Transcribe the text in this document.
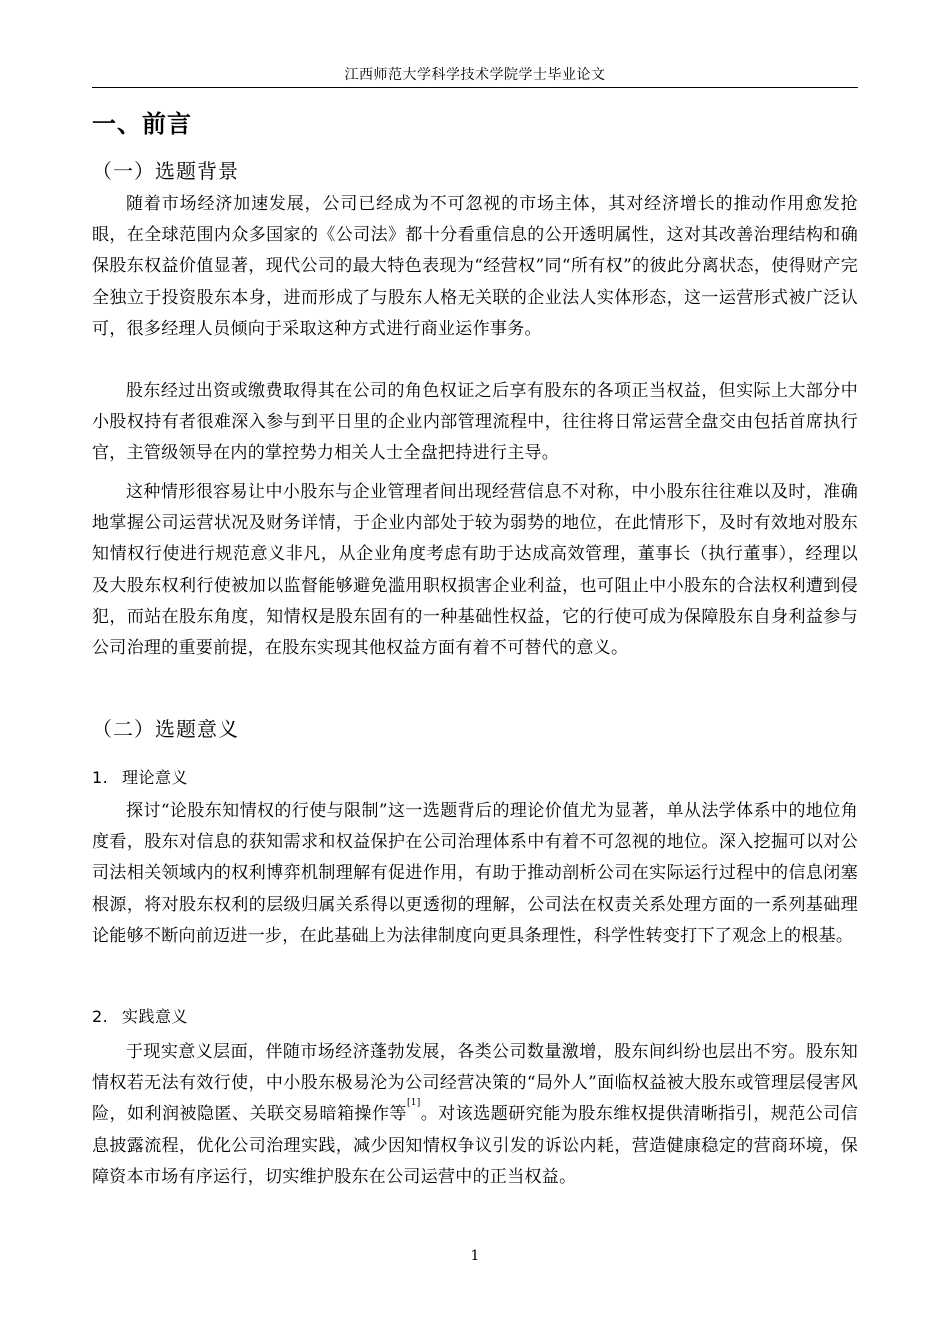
江西师范大学科学技术学院学士毕业论文
一、前言
（一）选题背景

随着市场经济加速发展，公司已经成为不可忽视的市场主体，其对经济增长的推动作用愈发抢眼，在全球范围内众多国家的《公司法》都十分看重信息的公开透明属性，这对其改善治理结构和确保股东权益价值显著，现代公司的最大特色表现为“经营权”同“所有权”的彼此分离状态，使得财产完全独立于投资股东本身，进而形成了与股东人格无关联的企业法人实体形态，这一运营形式被广泛认可，很多经理人员倾向于采取这种方式进行商业运作事务。

股东经过出资或缴费取得其在公司的角色权证之后享有股东的各项正当权益，但实际上大部分中小股权持有者很难深入参与到平日里的企业内部管理流程中，往往将日常运营全盘交由包括首席执行官，主管级领导在内的掌控势力相关人士全盘把持进行主导。

这种情形很容易让中小股东与企业管理者间出现经营信息不对称，中小股东往往难以及时，准确地掌握公司运营状况及财务详情，于企业内部处于较为弱势的地位，在此情形下，及时有效地对股东知情权行使进行规范意义非凡，从企业角度考虑有助于达成高效管理，董事长（执行董事），经理以及大股东权利行使被加以监督能够避免滥用职权损害企业利益，也可阻止中小股东的合法权利遭到侵犯，而站在股东角度，知情权是股东固有的一种基础性权益，它的行使可成为保障股东自身利益参与公司治理的重要前提，在股东实现其他权益方面有着不可替代的意义。

（二）选题意义
1. 理论意义

探讨“论股东知情权的行使与限制”这一选题背后的理论价值尤为显著，单从法学体系中的地位角度看，股东对信息的获知需求和权益保护在公司治理体系中有着不可忽视的地位。深入挖掘可以对公司法相关领域内的权利博弈机制理解有促进作用，有助于推动剖析公司在实际运行过程中的信息闭塞根源，将对股东权利的层级归属关系得以更透彻的理解，公司法在权责关系处理方面的一系列基础理论能够不断向前迈进一步，在此基础上为法律制度向更具条理性，科学性转变打下了观念上的根基。

2. 实践意义

于现实意义层面，伴随市场经济蓬勃发展，各类公司数量激增，股东间纠纷也层出不穷。股东知情权若无法有效行使，中小股东极易沦为公司经营决策的“局外人”面临权益被大股东或管理层侵害风险，如利润被隐匿、关联交易暗箱操作等[1]。对该选题研究能为股东维权提供清晰指引，规范公司信息披露流程，优化公司治理实践，减少因知情权争议引发的诉讼内耗，营造健康稳定的营商环境，保障资本市场有序运行，切实维护股东在公司运营中的正当权益。

1
